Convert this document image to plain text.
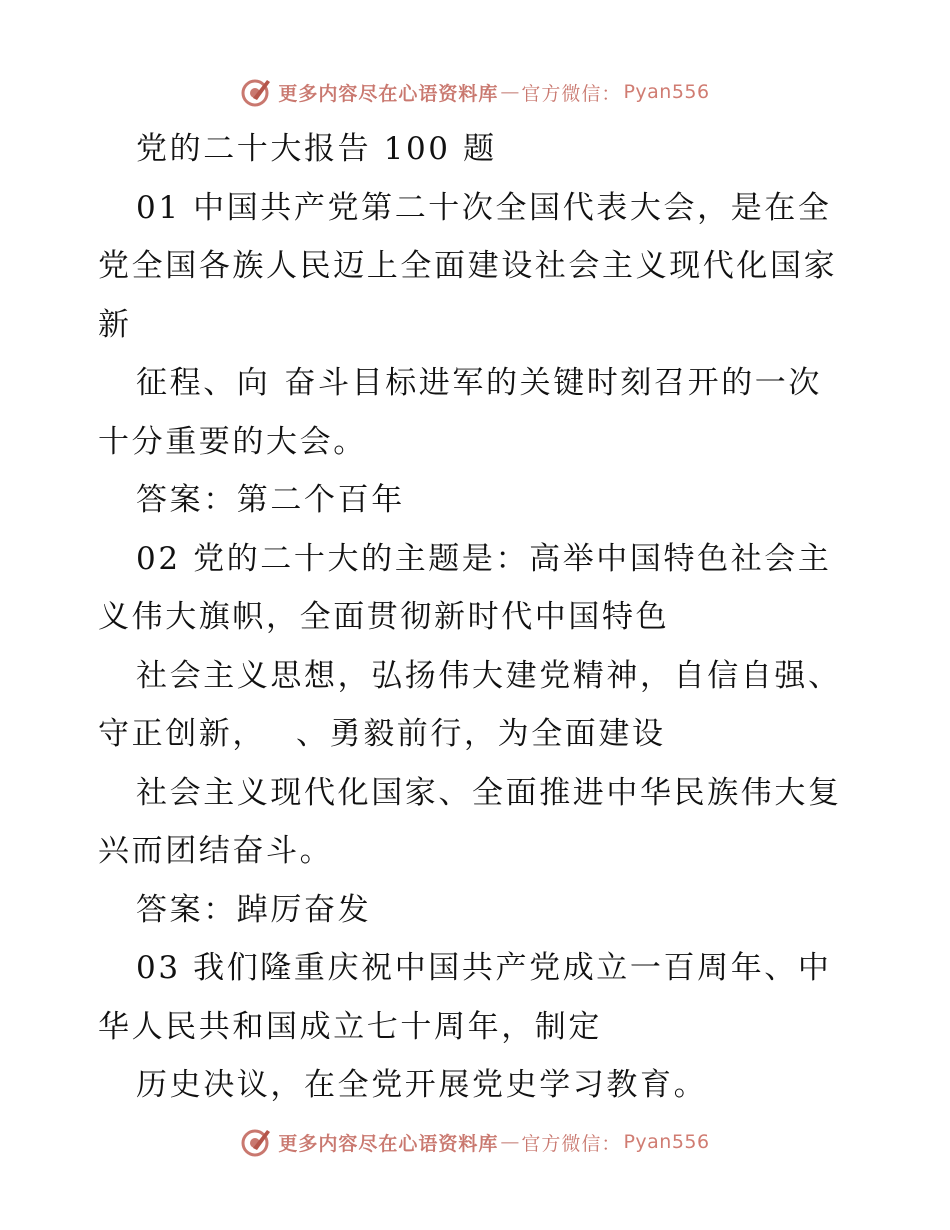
更多内容尽在心语资料库 — 官方微信： Pyan556
党的二十大报告 100 题
01 中国共产党第二十次全国代表大会，是在全
党全国各族人民迈上全面建设社会主义现代化国家
新
征程、向 奋斗目标进军的关键时刻召开的一次
十分重要的大会。
答案：第二个百年
02 党的二十大的主题是：高举中国特色社会主
义伟大旗帜，全面贯彻新时代中国特色
社会主义思想，弘扬伟大建党精神，自信自强、
守正创新， 、勇毅前行，为全面建设
社会主义现代化国家、全面推进中华民族伟大复
兴而团结奋斗。
答案：踔厉奋发
03 我们隆重庆祝中国共产党成立一百周年、中
华人民共和国成立七十周年，制定
历史决议，在全党开展党史学习教育。
更多内容尽在心语资料库 — 官方微信： Pyan556
